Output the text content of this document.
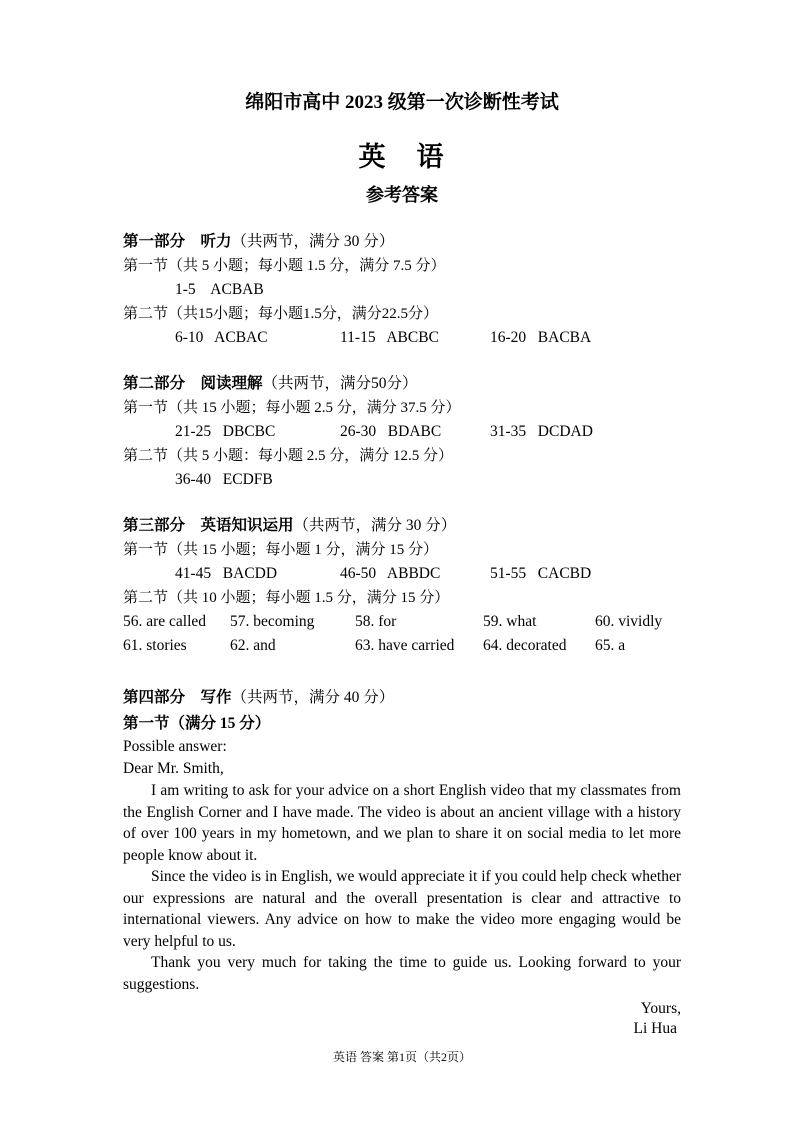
绵阳市高中 2023 级第一次诊断性考试
英　语
参考答案
第一部分　听力（共两节，满分 30 分）
第一节（共 5 小题；每小题 1.5 分，满分 7.5 分）
1-5    ACBAB
第二节（共15小题；每小题1.5分，满分22.5分）
6-10   ACBAC	11-15   ABCBC	16-20   BACBA
第二部分　阅读理解（共两节，满分50分）
第一节（共 15 小题；每小题 2.5 分，满分 37.5 分）
21-25   DBCBC	26-30   BDABC	31-35   DCDAD
第二节（共 5 小题：每小题 2.5 分，满分 12.5 分）
36-40   ECDFB
第三部分　英语知识运用（共两节，满分 30 分）
第一节（共 15 小题；每小题 1 分，满分 15 分）
41-45   BACDD	46-50   ABBDC	51-55   CACBD
第二节（共 10 小题；每小题 1.5 分，满分 15 分）
56. are called	57. becoming	58. for	59. what	60. vividly
61. stories	62. and	63. have carried	64. decorated	65. a
第四部分　写作（共两节，满分 40 分）
第一节（满分 15 分）
Possible answer:
Dear Mr. Smith,
I am writing to ask for your advice on a short English video that my classmates from the English Corner and I have made. The video is about an ancient village with a history of over 100 years in my hometown, and we plan to share it on social media to let more people know about it.
Since the video is in English, we would appreciate it if you could help check whether our expressions are natural and the overall presentation is clear and attractive to international viewers. Any advice on how to make the video more engaging would be very helpful to us.
Thank you very much for taking the time to guide us. Looking forward to your suggestions.
Yours,
Li Hua
英语 答案 第1页（共2页）
